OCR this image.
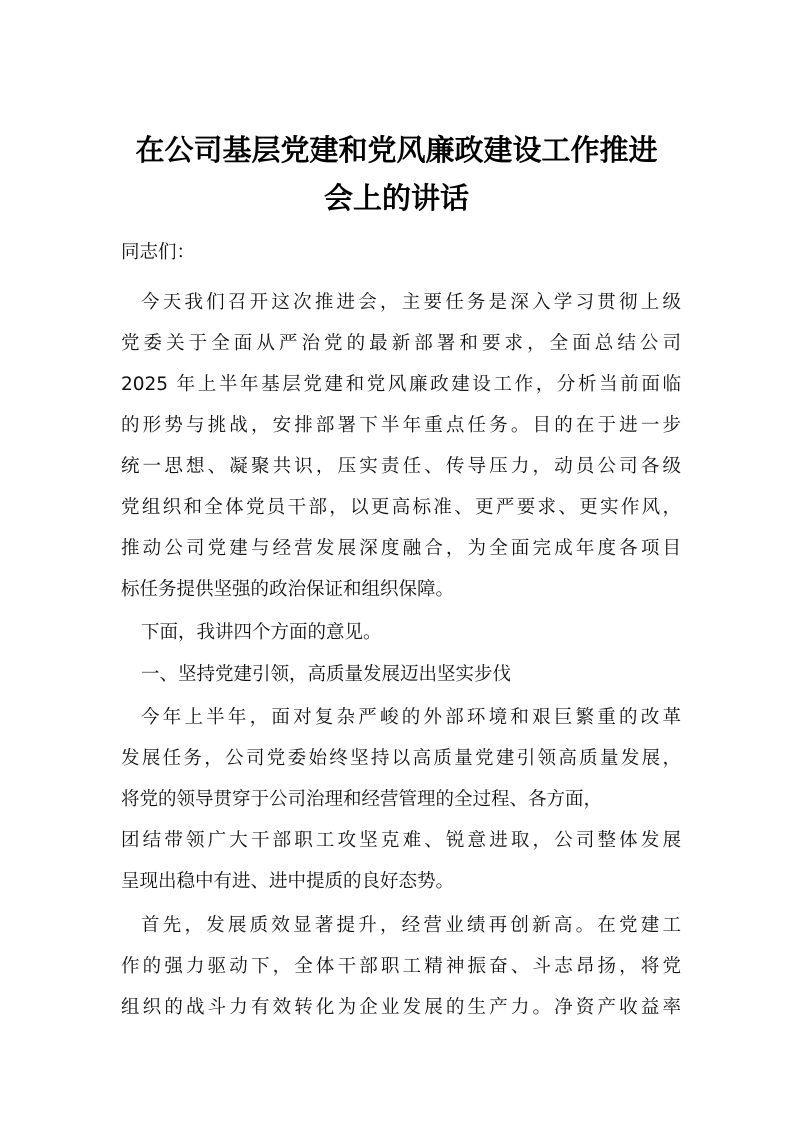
在公司基层党建和党风廉政建设工作推进
会上的讲话
同志们：
今天我们召开这次推进会，主要任务是深入学习贯彻上级
党委关于全面从严治党的最新部署和要求，全面总结公司
2025 年上半年基层党建和党风廉政建设工作，分析当前面临
的形势与挑战，安排部署下半年重点任务。目的在于进一步
统一思想、凝聚共识，压实责任、传导压力，动员公司各级
党组织和全体党员干部，以更高标准、更严要求、更实作风，
推动公司党建与经营发展深度融合，为全面完成年度各项目
标任务提供坚强的政治保证和组织保障。
下面，我讲四个方面的意见。
一、坚持党建引领，高质量发展迈出坚实步伐
今年上半年，面对复杂严峻的外部环境和艰巨繁重的改革
发展任务，公司党委始终坚持以高质量党建引领高质量发展，
将党的领导贯穿于公司治理和经营管理的全过程、各方面，
团结带领广大干部职工攻坚克难、锐意进取，公司整体发展
呈现出稳中有进、进中提质的良好态势。
首先，发展质效显著提升，经营业绩再创新高。在党建工
作的强力驱动下，全体干部职工精神振奋、斗志昂扬，将党
组织的战斗力有效转化为企业发展的生产力。净资产收益率
